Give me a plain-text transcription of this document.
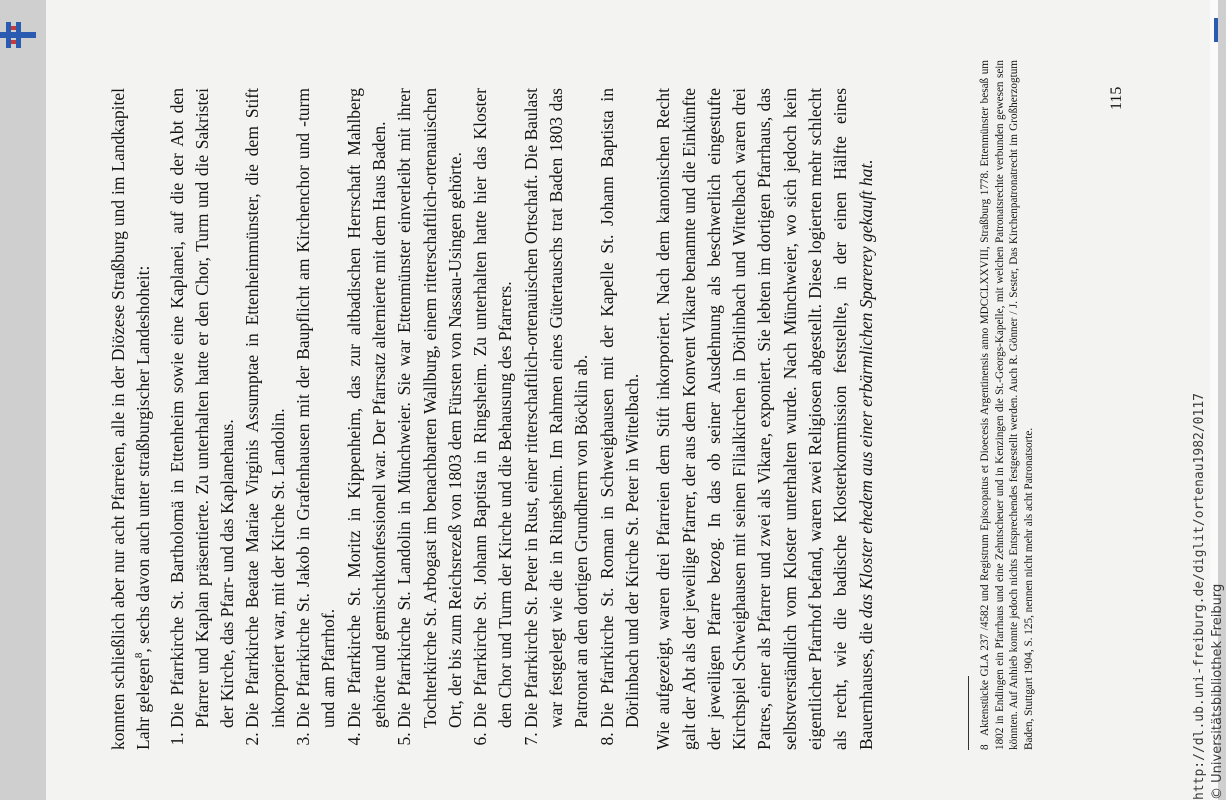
konnten schließlich aber nur acht Pfarreien, alle in der Diözese Straßburg und im Landkapitel Lahr gelegen$^8$, sechs davon auch unter straßburgischer Landeshoheit: 1. Die Pfarrkirche St. Bartholomä in Ettenheim sowie eine Kaplanei, auf die der Abt den Pfarrer und Kaplan präsentierte. Zu unterhalten hatte er den Chor, Turm und die Sakristei der Kirche, das Pfarr- und das Kaplanehaus. 2. Die Pfarrkirche Beatae Mariae Virginis Assumptae in Ettenheimmünster, die dem Stift inkorporiert war, mit der Kirche St. Landolin. 3. Die Pfarrkirche St. Jakob in Grafenhausen mit der Baupflicht am Kirchenchor und -turm und am Pfarrhof. 4. Die Pfarrkirche St. Moritz in Kippenheim, das zur altbadischen Herrschaft Mahlberg gehörte und gemischtkonfessionell war. Der Pfarrsatz alternierte mit dem Haus Baden. 5. Die Pfarrkirche St. Landolin in Münchweier. Sie war Ettenmünster einverleibt mit ihrer Tochterkirche St. Arbogast im benachbarten Wallburg, einem ritterschaftlich-ortenauischen Ort, der bis zum Reichsrezeß von 1803 dem Fürsten von Nassau-Usingen gehörte. 6. Die Pfarrkirche St. Johann Baptista in Ringsheim. Zu unterhalten hatte hier das Kloster den Chor und Turm der Kirche und die Behausung des Pfarrers. 7. Die Pfarrkirche St. Peter in Rust, einer ritterschaftlich-ortenauischen Ortschaft. Die Baulast war festgelegt wie die in Ringsheim. Im Rahmen eines Gütertauschs trat Baden 1803 das Patronat an den dortigen Grundherrn von Böcklin ab. 8. Die Pfarrkirche St. Roman in Schweighausen mit der Kapelle St. Johann Baptista in Dörlinbach und der Kirche St. Peter in Wittelbach. Wie aufgezeigt, waren drei Pfarreien dem Stift inkorporiert. Nach dem kanonischen Recht galt der Abt als der jeweilige Pfarrer, der aus dem Konvent Vikare benannte und die Einkünfte der jeweiligen Pfarre bezog. In das ob seiner Ausdehnung als beschwerlich eingestufte Kirchspiel Schweighausen mit seinen Filialkirchen in Dörlinbach und Wittelbach waren drei Patres, einer als Pfarrer und zwei als Vikare, exponiert. Sie lebten im dortigen Pfarrhaus, das selbstverständlich vom Kloster unterhalten wurde. Nach Münchweier, wo sich jedoch kein eigentlicher Pfarrhof befand, waren zwei Religiosen abgestellt. Diese logierten mehr schlecht als recht, wie die badische Klosterkommission feststellte, in der einen Hälfte eines Bauernhauses, die das Kloster ehedem aus einer erbärmlichen Sparerey gekauft hat.

8Aktenstücke GLA 237 /4582 und Registrum Episcopatus et Dioecesis Argentinensis anno MDCCLXXVIII, Straßburg 1778. Ettenmünster besaß um 1802 in Endingen ein Pfarrhaus und eine Zehntscheuer und in Kenzingen die St.-Georgs-Kapelle, mit welchen Patronatsrechte verbunden gewesen sein könnten. Auf Anhieb konnte jedoch nichts Entsprechendes festgestellt werden. Auch R. Gönner / J. Sester, Das Kirchenpatronatrecht im Großherzogtum Baden, Stuttgart 1904, S. 125, nennen nicht mehr als acht Patronatsorte.
115
http://dl.ub.uni-freiburg.de/diglit/ortenau1982/0117 © Universitätsbibliothek Freiburg
